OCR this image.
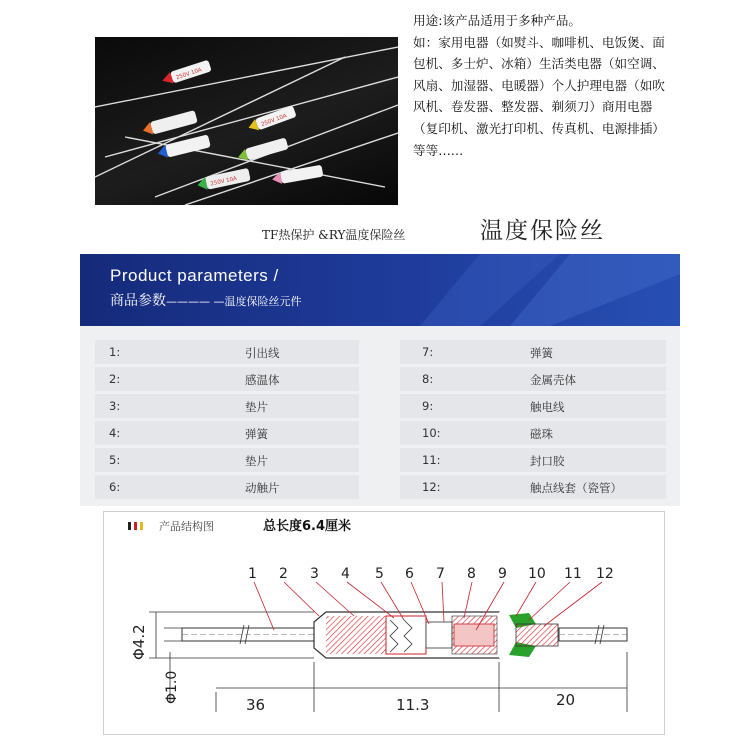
250V 10A
250V 10A
250V 10A
用途:该产品适用于多种产品。
如：家用电器（如熨斗、咖啡机、电饭煲、面包机、多士炉、冰箱）生活类电器（如空调、风扇、加湿器、电暖器）个人护理电器（如吹风机、卷发器、整发器、剃须刀）商用电器（复印机、激光打印机、传真机、电源排插）等等……
TF热保护 &RY温度保险丝	温度保险丝
Product parameters /
商品参数———— —温度保险丝元件
1:	引出线
2:	感温体
3:	垫片
4:	弹簧
5:	垫片
6:	动触片
7:	弹簧
8:	金属壳体
9:	触电线
10:	磁珠
11:	封口胶
12:	触点线套（瓷管）
产品结构图	总长度6.4厘米
1 2 3 4 5 6 7 8 9 10 11 12
Φ4.2
Φ1.0
36	11.3	20
